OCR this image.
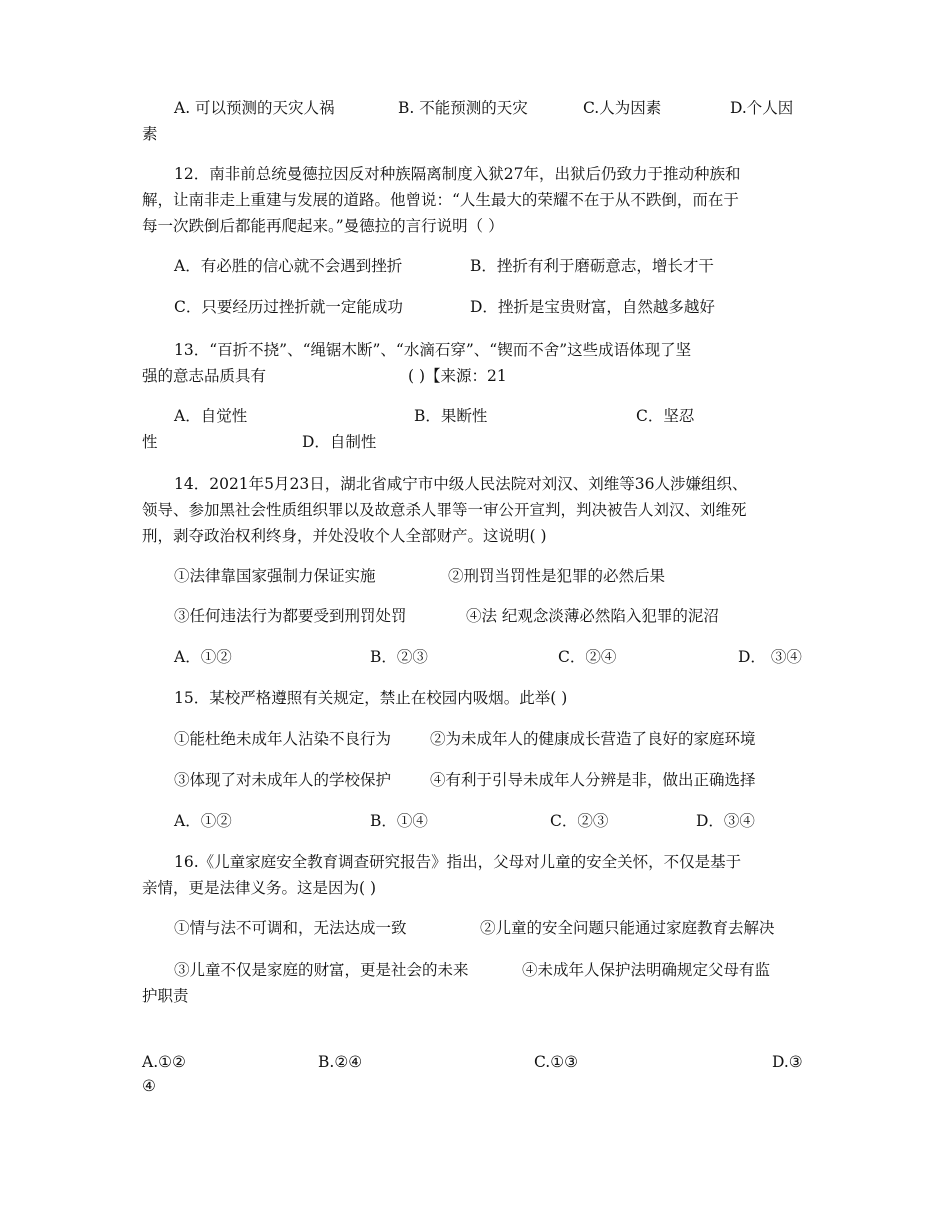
A. 可以预测的天灾人祸	B. 不能预测的天灾	C.人为因素	D.个人因
素
12．南非前总统曼德拉因反对种族隔离制度入狱27年，出狱后仍致力于推动种族和
解，让南非走上重建与发展的道路。他曾说：“人生最大的荣耀不在于从不跌倒，而在于
每一次跌倒后都能再爬起来。”曼德拉的言行说明（ ）
A．有必胜的信心就不会遇到挫折	B．挫折有利于磨砺意志，增长才干
C．只要经历过挫折就一定能成功	D．挫折是宝贵财富，自然越多越好
13．“百折不挠”、“绳锯木断”、“水滴石穿”、“锲而不舍”这些成语体现了坚
强的意志品质具有	( )【来源：21
A．自觉性	B．果断性	C．坚忍
性	D．自制性
14．2021年5月23日，湖北省咸宁市中级人民法院对刘汉、刘维等36人涉嫌组织、
领导、参加黑社会性质组织罪以及故意杀人罪等一审公开宣判，判决被告人刘汉、刘维死
刑，剥夺政治权利终身，并处没收个人全部财产。这说明( )
①法律靠国家强制力保证实施	②刑罚当罚性是犯罪的必然后果
③任何违法行为都要受到刑罚处罚	④法 纪观念淡薄必然陷入犯罪的泥沼
A．①②	B．②③	C．②④	D． ③④
15．某校严格遵照有关规定，禁止在校园内吸烟。此举( )
①能杜绝未成年人沾染不良行为	②为未成年人的健康成长营造了良好的家庭环境
③体现了对未成年人的学校保护	④有利于引导未成年人分辨是非，做出正确选择
A．①②	B．①④	C．②③	D．③④
16.《儿童家庭安全教育调查研究报告》指出，父母对儿童的安全关怀，不仅是基于
亲情，更是法律义务。这是因为( )
①情与法不可调和，无法达成一致	②儿童的安全问题只能通过家庭教育去解决
③儿童不仅是家庭的财富，更是社会的未来	④未成年人保护法明确规定父母有监
护职责
A.①②	B.②④	C.①③	D.③
④
